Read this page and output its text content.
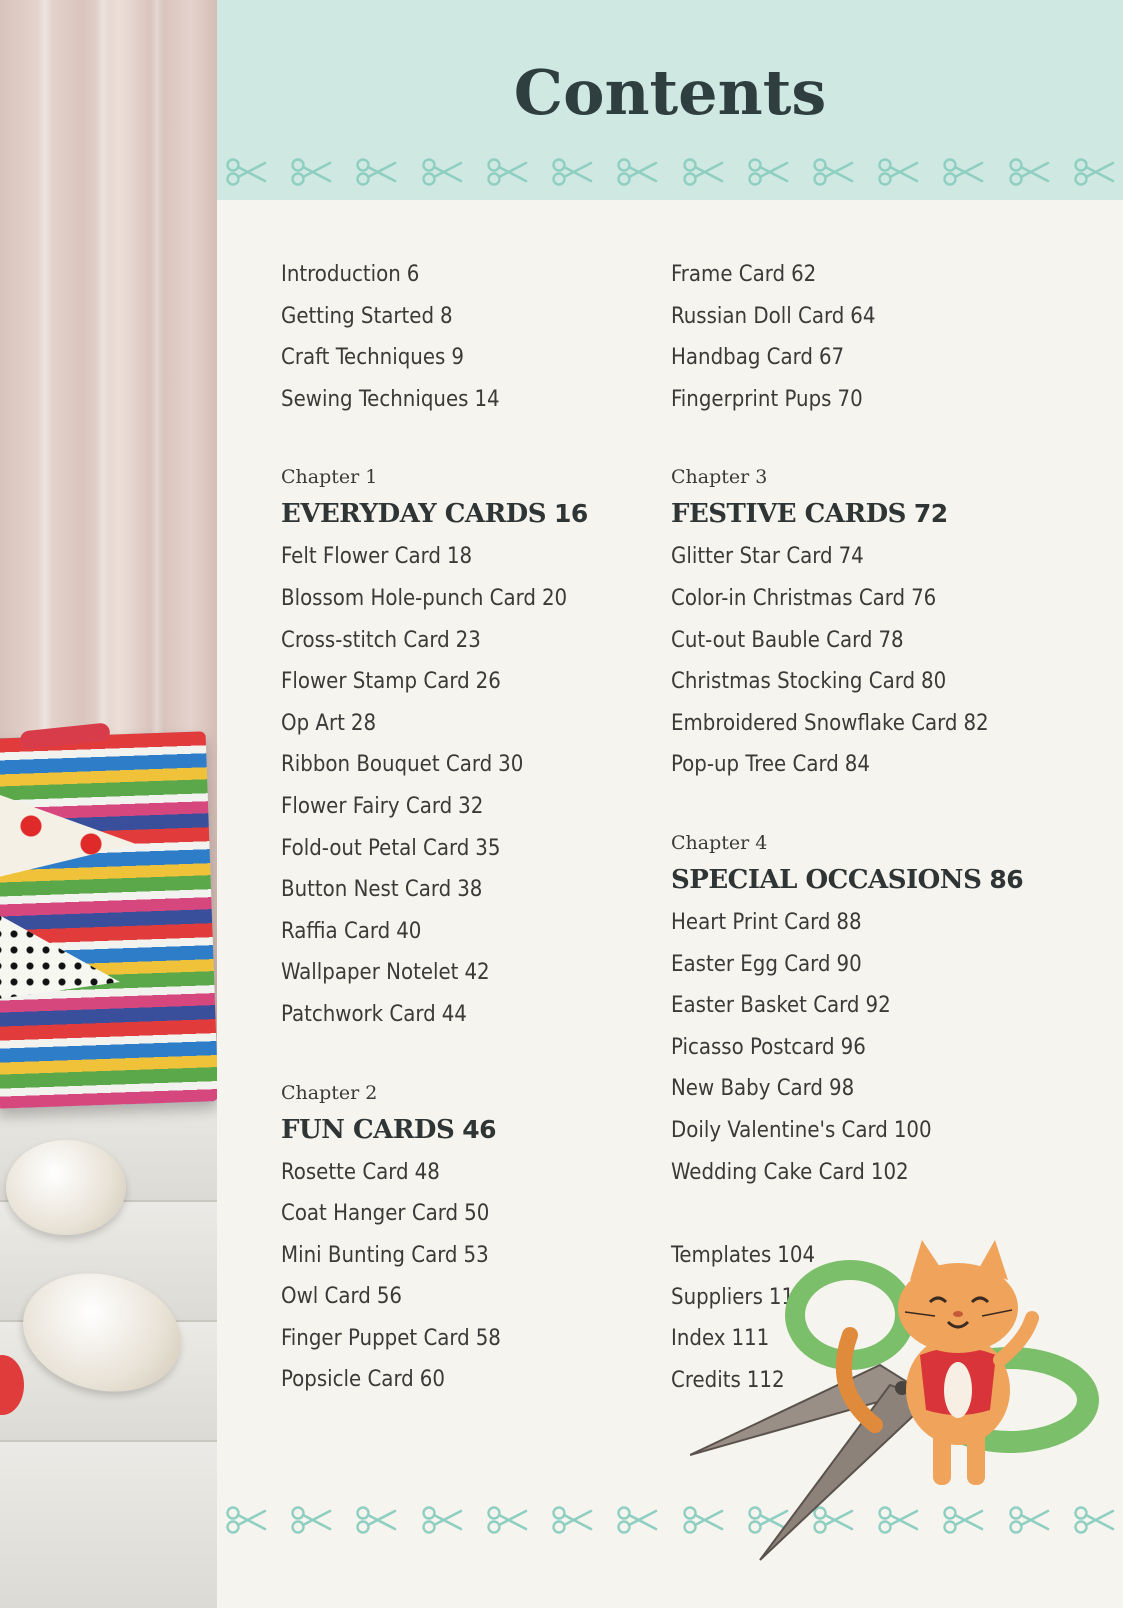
Contents
Introduction 6
Getting Started 8
Craft Techniques 9
Sewing Techniques 14
Chapter 1
EVERYDAY CARDS 16
Felt Flower Card 18
Blossom Hole-punch Card 20
Cross-stitch Card 23
Flower Stamp Card 26
Op Art 28
Ribbon Bouquet Card 30
Flower Fairy Card 32
Fold-out Petal Card 35
Button Nest Card 38
Raffia Card 40
Wallpaper Notelet 42
Patchwork Card 44
Chapter 2
FUN CARDS 46
Rosette Card 48
Coat Hanger Card 50
Mini Bunting Card 53
Owl Card 56
Finger Puppet Card 58
Popsicle Card 60
Frame Card 62
Russian Doll Card 64
Handbag Card 67
Fingerprint Pups 70
Chapter 3
FESTIVE CARDS 72
Glitter Star Card 74
Color-in Christmas Card 76
Cut-out Bauble Card 78
Christmas Stocking Card 80
Embroidered Snowflake Card 82
Pop-up Tree Card 84
Chapter 4
SPECIAL OCCASIONS 86
Heart Print Card 88
Easter Egg Card 90
Easter Basket Card 92
Picasso Postcard 96
New Baby Card 98
Doily Valentine's Card 100
Wedding Cake Card 102
Templates 104
Suppliers 111
Index 111
Credits 112
